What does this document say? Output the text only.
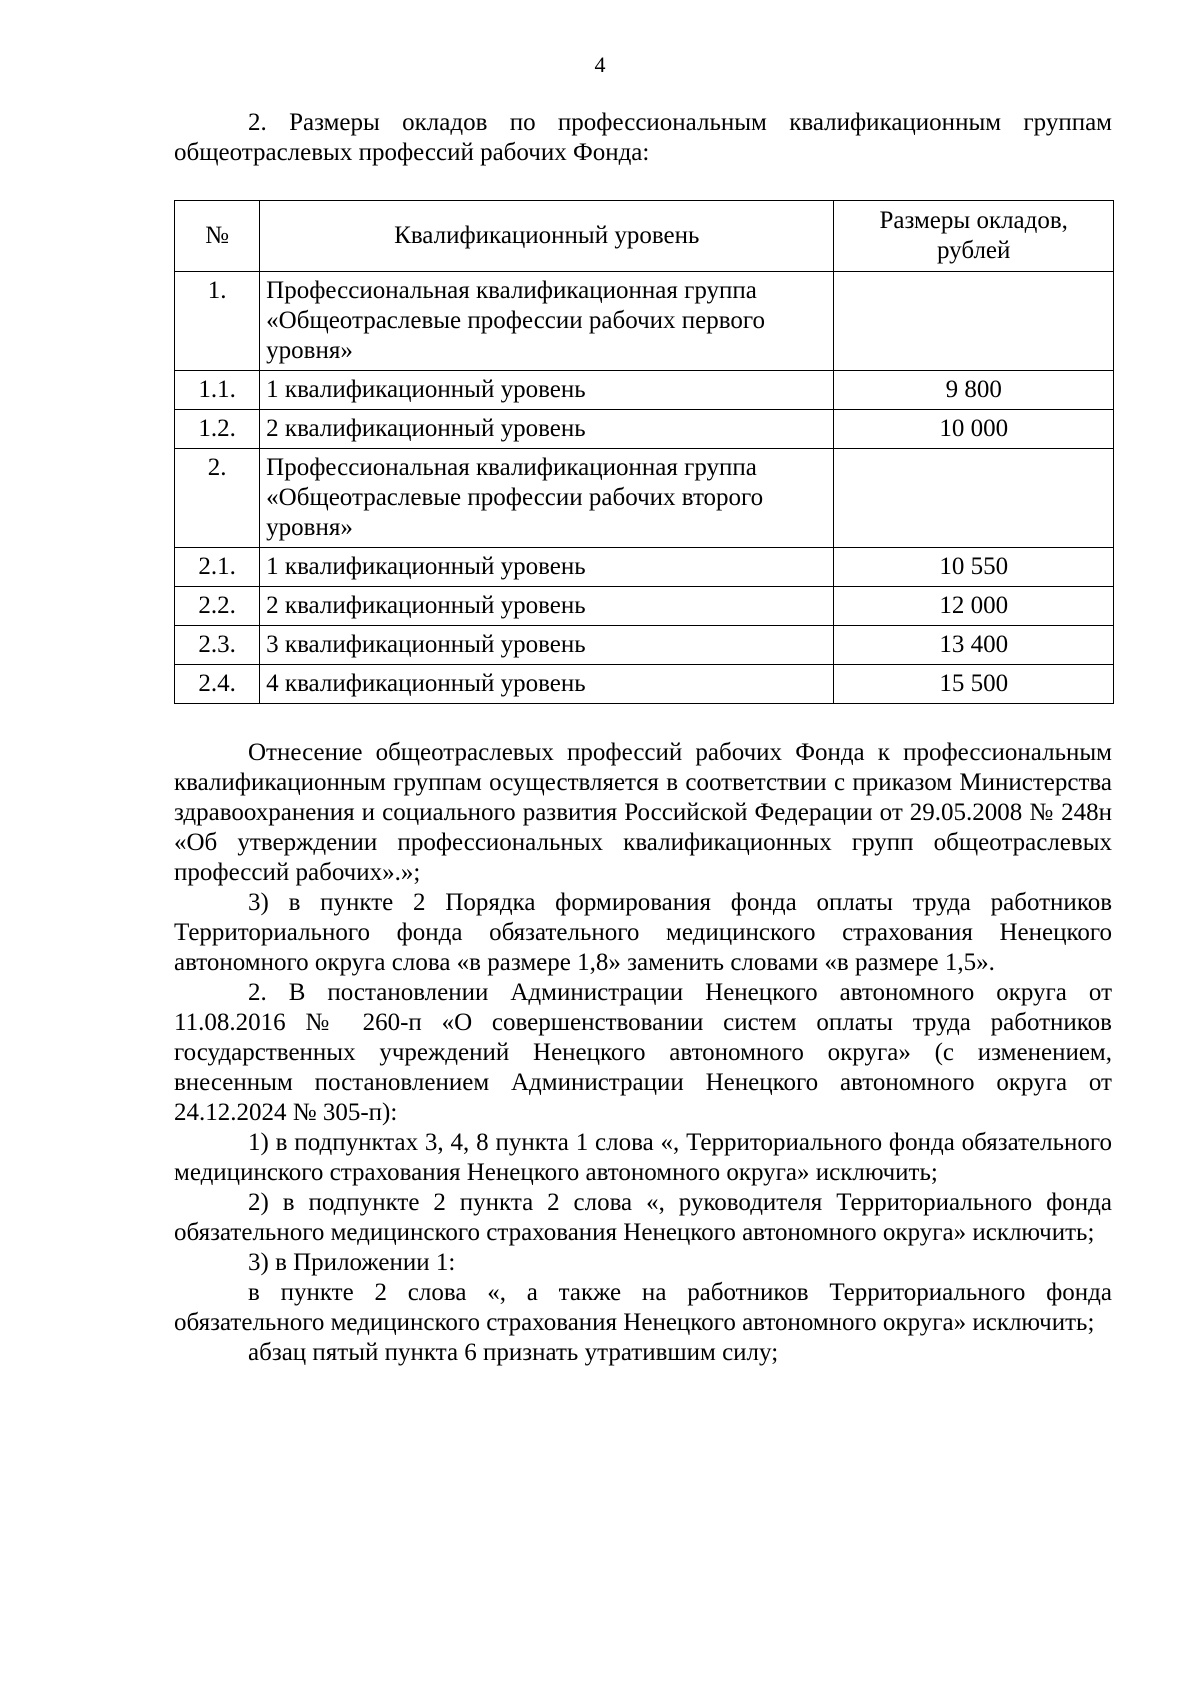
4

2. Размеры окладов по профессиональным квалификационным группам общеотраслевых профессий рабочих Фонда:

№	Квалификационный уровень	Размеры окладов, рублей
1.	Профессиональная квалификационная группа «Общеотраслевые профессии рабочих первого уровня»	
1.1.	1 квалификационный уровень	9 800
1.2.	2 квалификационный уровень	10 000
2.	Профессиональная квалификационная группа «Общеотраслевые профессии рабочих второго уровня»	
2.1.	1 квалификационный уровень	10 550
2.2.	2 квалификационный уровень	12 000
2.3.	3 квалификационный уровень	13 400
2.4.	4 квалификационный уровень	15 500

Отнесение общеотраслевых профессий рабочих Фонда к профессиональным квалификационным группам осуществляется в соответствии с приказом Министерства здравоохранения и социального развития Российской Федерации от 29.05.2008 № 248н «Об утверждении профессиональных квалификационных групп общеотраслевых профессий рабочих».»;

3) в пункте 2 Порядка формирования фонда оплаты труда работников Территориального фонда обязательного медицинского страхования Ненецкого автономного округа слова «в размере 1,8» заменить словами «в размере 1,5».

2. В постановлении Администрации Ненецкого автономного округа от 11.08.2016 № 260-п «О совершенствовании систем оплаты труда работников государственных учреждений Ненецкого автономного округа» (с изменением, внесенным постановлением Администрации Ненецкого автономного округа от 24.12.2024 № 305-п):

1) в подпунктах 3, 4, 8 пункта 1 слова «, Территориального фонда обязательного медицинского страхования Ненецкого автономного округа» исключить;

2) в подпункте 2 пункта 2 слова «, руководителя Территориального фонда обязательного медицинского страхования Ненецкого автономного округа» исключить;

3) в Приложении 1:

в пункте 2 слова «, а также на работников Территориального фонда обязательного медицинского страхования Ненецкого автономного округа» исключить;

абзац пятый пункта 6 признать утратившим силу;
